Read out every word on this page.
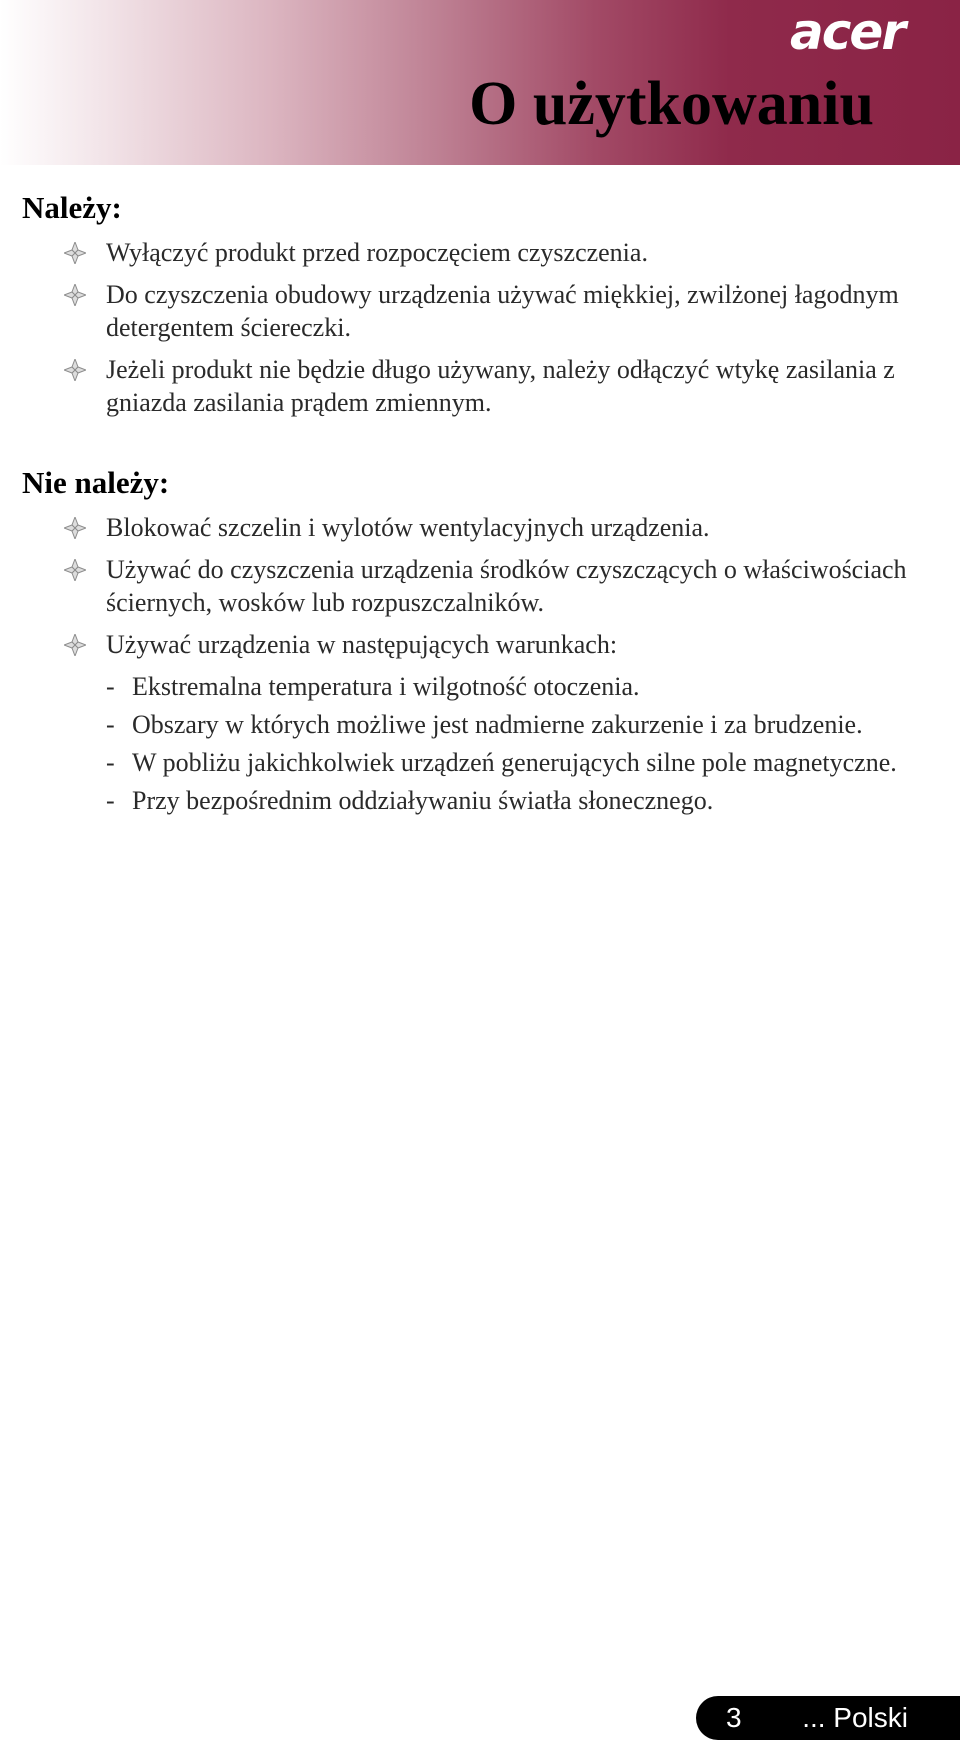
acer
O użytkowaniu
Należy:
Wyłączyć produkt przed rozpoczęciem czyszczenia.
Do czyszczenia obudowy urządzenia używać miękkiej, zwilżonej łagodnym detergentem ściereczki.
Jeżeli produkt nie będzie długo używany, należy odłączyć wtykę zasilania z gniazda zasilania prądem zmiennym.
Nie należy:
Blokować szczelin i wylotów wentylacyjnych urządzenia.
Używać do czyszczenia urządzenia środków czyszczących o właściwościach ściernych, wosków lub rozpuszczalników.
Używać urządzenia w następujących warunkach:
- Ekstremalna temperatura i wilgotność otoczenia.
- Obszary w których możliwe jest nadmierne zakurzenie i za brudzenie.
- W pobliżu jakichkolwiek urządzeń generujących silne pole magnetyczne.
- Przy bezpośrednim oddziaływaniu światła słonecznego.
3 ... Polski
